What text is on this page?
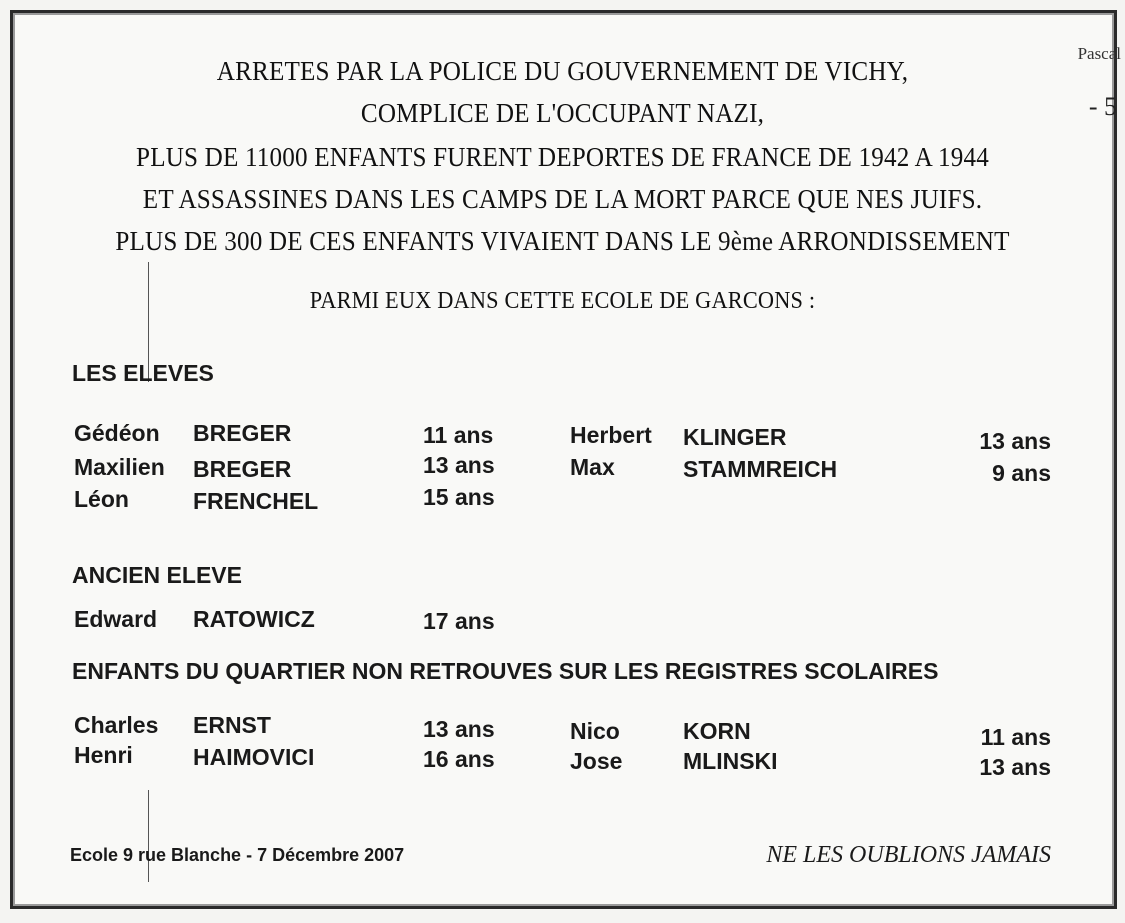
Pascal
- 5
ARRETES PAR LA POLICE DU GOUVERNEMENT DE VICHY,
COMPLICE DE L'OCCUPANT NAZI,
PLUS DE 11000 ENFANTS FURENT DEPORTES DE FRANCE DE 1942 A 1944
ET ASSASSINES DANS LES CAMPS DE LA MORT PARCE QUE NES JUIFS.
PLUS DE 300 DE CES ENFANTS VIVAIENT DANS LE 9ème ARRONDISSEMENT
PARMI EUX DANS CETTE ECOLE DE GARCONS :
LES ELEVES
Gédéon BREGER	11 ans	Herbert KLINGER	13 ans
Maxilien BREGER	13 ans	Max	STAMMREICH	9 ans
Léon	FRENCHEL	15 ans
ANCIEN ELEVE
Edward RATOWICZ	17 ans
ENFANTS DU QUARTIER NON RETROUVES SUR LES REGISTRES SCOLAIRES
Charles ERNST	13 ans	Nico	KORN	11 ans
Henri	HAIMOVICI	16 ans	Jose	MLINSKI	13 ans
Ecole 9 rue Blanche - 7 Décembre 2007	NE LES OUBLIONS JAMAIS
